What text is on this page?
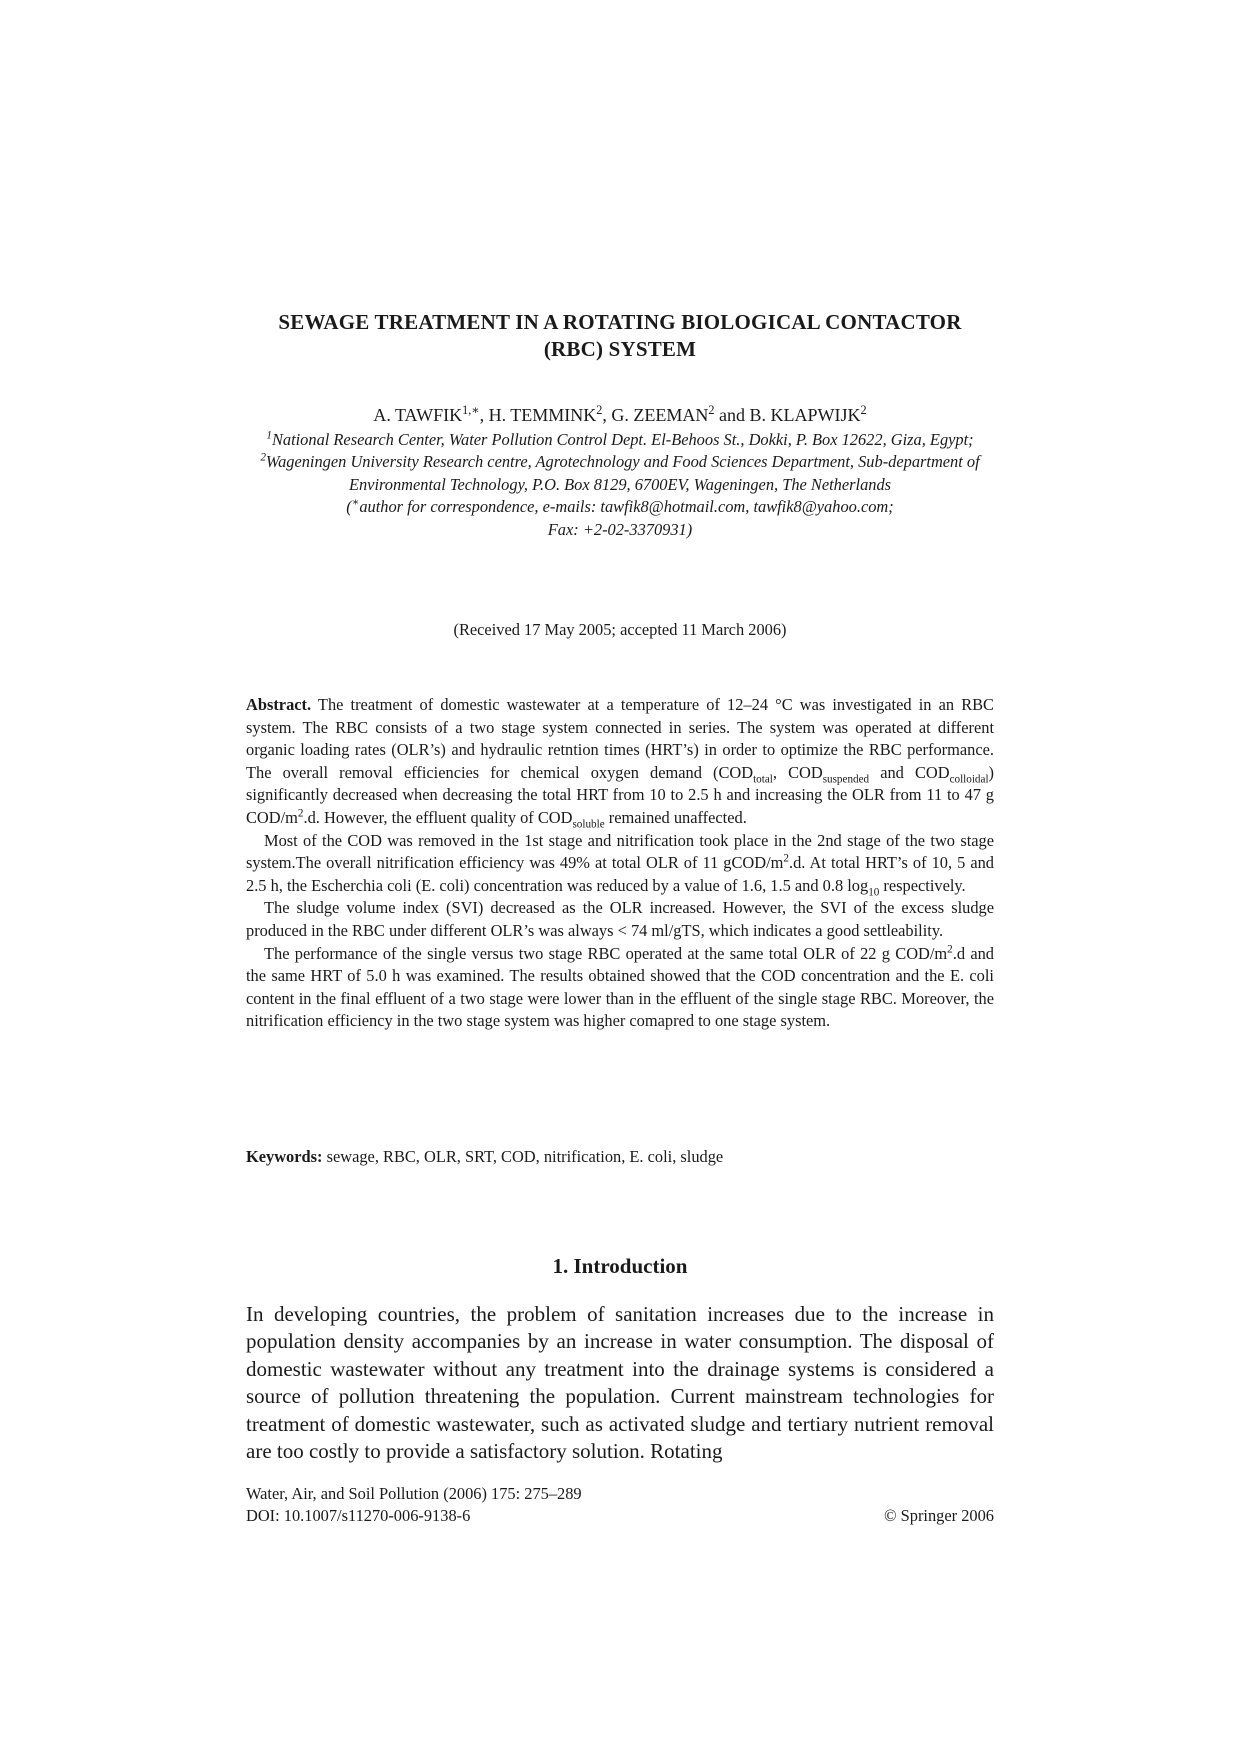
SEWAGE TREATMENT IN A ROTATING BIOLOGICAL CONTACTOR
(RBC) SYSTEM
A. $TAWFIK^{1,∗}$, H. TEMMINK$^2$, G. ZEEMAN$^2$ and B. KLAPWIJK$^2$
$^1$National Research Center, Water Pollution Control Dept. El-Behoos St., Dokki, P. Box 12622, Giza, Egypt; $^2$Wageningen University Research centre, Agrotechnology and Food Sciences Department, Sub-department of Environmental Technology, P.O. Box 8129, 6700EV, Wageningen, The Netherlands
(∗author for correspondence, e-mails: tawfik8@hotmail.com, tawfik8@yahoo.com;
Fax: +2-02-3370931)
(Received 17 May 2005; accepted 11 March 2006)

Abstract. The treatment of domestic wastewater at a temperature of 12–24 °C was investigated in an RBC system. The RBC consists of a two stage system connected in series. The system was operated at different organic loading rates (OLR’s) and hydraulic retntion times (HRT’s) in order to optimize the RBC performance. The overall removal efficiencies for chemical oxygen demand ($COD_{total}$, $COD_{suspended}$ and $COD_{colloidal}$) significantly decreased when decreasing the total HRT from 10 to 2.5 h and increasing the OLR from 11 to 47 g COD/$m^2.d$. However, the effluent quality of $COD_{soluble}$ remained unaffected.

Most of the COD was removed in the 1st stage and nitrification took place in the 2nd stage of the two stage system.The overall nitrification efficiency was 49% at total OLR of 11 gCOD/$m^2.d$. At total HRT’s of 10, 5 and 2.5 h, the Escherchia coli (E. coli) concentration was reduced by a value of 1.6, 1.5 and 0.8 $\log_{10}$ respectively.

The sludge volume index (SVI) decreased as the OLR increased. However, the SVI of the excess sludge produced in the RBC under different OLR’s was always < 74 ml/gTS, which indicates a good settleability.

The performance of the single versus two stage RBC operated at the same total OLR of 22 g COD/$m^2.d$ and the same HRT of 5.0 h was examined. The results obtained showed that the COD concentration and the E. coli content in the final effluent of a two stage were lower than in the effluent of the single stage RBC. Moreover, the nitrification efficiency in the two stage system was higher comapred to one stage system.

Keywords: sewage, RBC, OLR, SRT, COD, nitrification, E. coli, sludge
1. Introduction
In developing countries, the problem of sanitation increases due to the increase in population density accompanies by an increase in water consumption. The disposal of domestic wastewater without any treatment into the drainage systems is considered a source of pollution threatening the population. Current mainstream technologies for treatment of domestic wastewater, such as activated sludge and tertiary nutrient removal are too costly to provide a satisfactory solution. Rotating
Water, Air, and Soil Pollution (2006) 175: 275–289
DOI: 10.1007/s11270-006-9138-6	© Springer 2006
